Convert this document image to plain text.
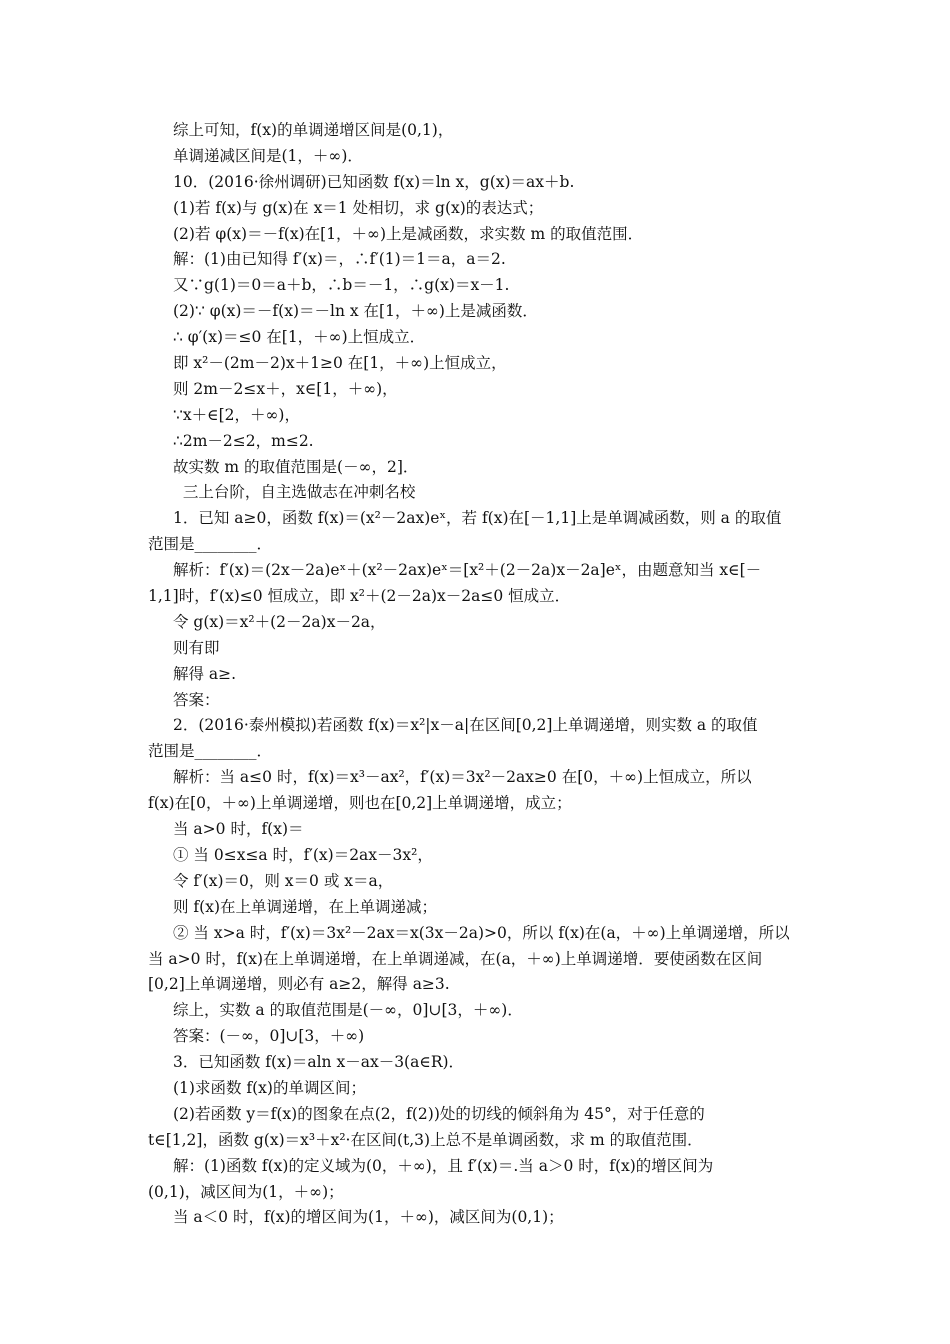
综上可知，f(x)的单调递增区间是(0,1)，
单调递减区间是(1，＋∞)．
10．(2016·徐州调研)已知函数 f(x)＝ln x，g(x)＝ax＋b.
(1)若 f(x)与 g(x)在 x＝1 处相切，求 g(x)的表达式；
(2)若 φ(x)＝－f(x)在[1，＋∞)上是减函数，求实数 m 的取值范围．
解：(1)由已知得 f′(x)＝，∴f′(1)＝1＝a，a＝2.
又∵g(1)＝0＝a＋b，∴b＝－1，∴g(x)＝x－1.
(2)∵ φ(x)＝－f(x)＝－ln x 在[1，＋∞)上是减函数．
∴ φ′(x)＝≤0 在[1，＋∞)上恒成立．
即 x²－(2m－2)x＋1≥0 在[1，＋∞)上恒成立，
则 2m－2≤x＋，x∈[1，＋∞)，
∵x＋∈[2，＋∞)，
∴2m－2≤2，m≤2.
故实数 m 的取值范围是(－∞，2]．
三上台阶，自主选做志在冲刺名校
1．已知 a≥0，函数 f(x)＝(x²－2ax)eˣ，若 f(x)在[－1,1]上是单调减函数，则 a 的取值
范围是________．
解析：f′(x)＝(2x－2a)eˣ＋(x²－2ax)eˣ＝[x²＋(2－2a)x－2a]eˣ，由题意知当 x∈[－
1,1]时，f′(x)≤0 恒成立，即 x²＋(2－2a)x－2a≤0 恒成立．
令 g(x)＝x²＋(2－2a)x－2a，
则有即
解得 a≥.
答案：
2．(2016·泰州模拟)若函数 f(x)＝x²|x－a|在区间[0,2]上单调递增，则实数 a 的取值
范围是________．
解析：当 a≤0 时，f(x)＝x³－ax²，f′(x)＝3x²－2ax≥0 在[0，＋∞)上恒成立，所以
f(x)在[0，＋∞)上单调递增，则也在[0,2]上单调递增，成立；
当 a>0 时，f(x)＝
① 当 0≤x≤a 时，f′(x)＝2ax－3x²，
令 f′(x)＝0，则 x＝0 或 x＝a，
则 f(x)在上单调递增，在上单调递减；
② 当 x>a 时，f′(x)＝3x²－2ax＝x(3x－2a)>0，所以 f(x)在(a，＋∞)上单调递增，所以
当 a>0 时，f(x)在上单调递增，在上单调递减，在(a，＋∞)上单调递增．要使函数在区间
[0,2]上单调递增，则必有 a≥2，解得 a≥3.
综上，实数 a 的取值范围是(－∞，0]∪[3，＋∞)．
答案：(－∞，0]∪[3，＋∞)
3．已知函数 f(x)＝aln x－ax－3(a∈R)．
(1)求函数 f(x)的单调区间；
(2)若函数 y＝f(x)的图象在点(2，f(2))处的切线的倾斜角为 45°，对于任意的
t∈[1,2]，函数 g(x)＝x³＋x²·在区间(t,3)上总不是单调函数，求 m 的取值范围．
解：(1)函数 f(x)的定义域为(0，＋∞)，且 f′(x)＝.当 a＞0 时，f(x)的增区间为
(0,1)，减区间为(1，＋∞)；
当 a＜0 时，f(x)的增区间为(1，＋∞)，减区间为(0,1)；
